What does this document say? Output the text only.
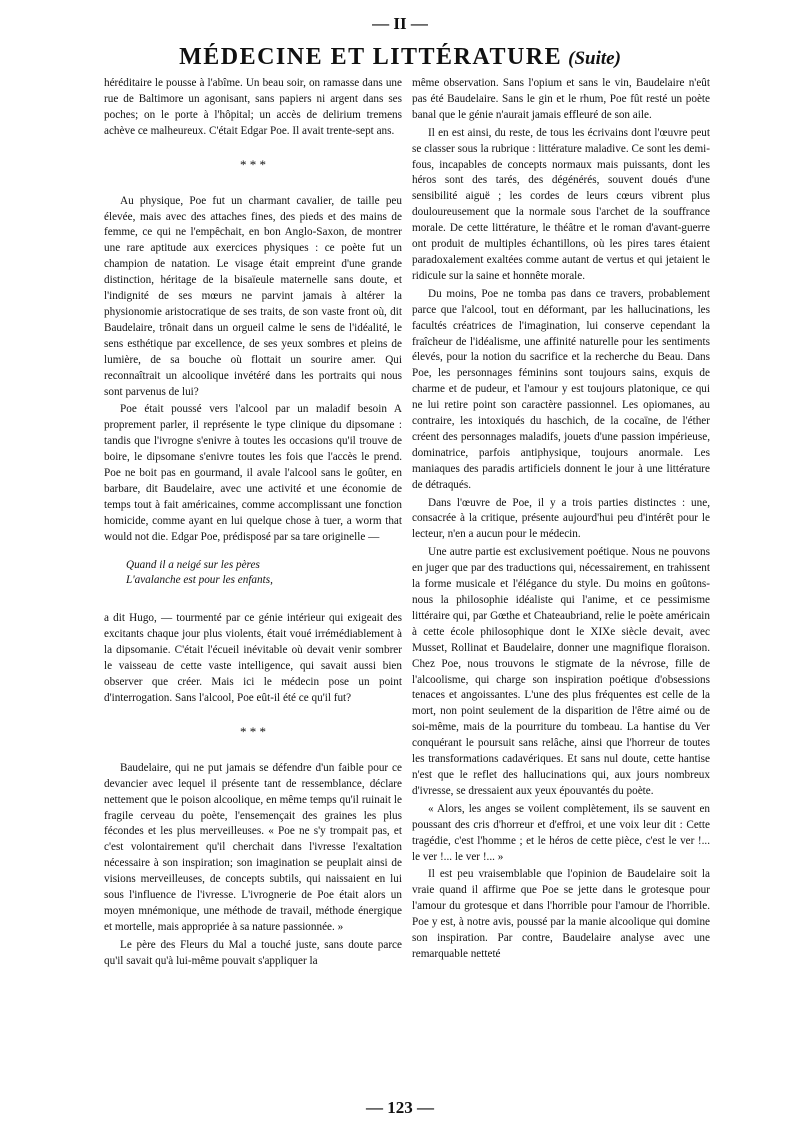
— II —
MÉDECINE ET LITTÉRATURE (Suite)

héréditaire le pousse à l'abîme. Un beau soir, on ramasse dans une rue de Baltimore un agonisant, sans papiers ni argent dans ses poches; on le porte à l'hôpital; un accès de delirium tremens achève ce malheureux. C'était Edgar Poe. Il avait trente-sept ans.

* * *

Au physique, Poe fut un charmant cavalier, de taille peu élevée, mais avec des attaches fines, des pieds et des mains de femme, ce qui ne l'empêchait, en bon Anglo-Saxon, de montrer une rare aptitude aux exercices physiques : ce poète fut un champion de natation. Le visage était empreint d'une grande distinction, héritage de la bisaïeule maternelle sans doute, et l'indignité de ses mœurs ne parvint jamais à altérer la physionomie aristocratique de ses traits, de son vaste front où, dit Baudelaire, trônait dans un orgueil calme le sens de l'idéalité, le sens esthétique par excellence, de ses yeux sombres et pleins de lumière, de sa bouche où flottait un sourire amer. Qui reconnaîtrait un alcoolique invétéré dans les portraits qui nous sont parvenus de lui?

Poe était poussé vers l'alcool par un maladif besoin A proprement parler, il représente le type clinique du dipsomane : tandis que l'ivrogne s'enivre à toutes les occasions qu'il trouve de boire, le dipsomane s'enivre toutes les fois que l'accès le prend. Poe ne boit pas en gourmand, il avale l'alcool sans le goûter, en barbare, dit Baudelaire, avec une activité et une économie de temps tout à fait américaines, comme accomplissant une fonction homicide, comme ayant en lui quelque chose à tuer, a worm that would not die. Edgar Poe, prédisposé par sa tare originelle —

Quand il a neigé sur les pères
L'avalanche est pour les enfants,

a dit Hugo, — tourmenté par ce génie intérieur qui exigeait des excitants chaque jour plus violents, était voué irrémédiablement à la dipsomanie. C'était l'écueil inévitable où devait venir sombrer le vaisseau de cette vaste intelligence, qui savait aussi bien observer que créer. Mais ici le médecin pose un point d'interrogation. Sans l'alcool, Poe eût-il été ce qu'il fut?

* * *

Baudelaire, qui ne put jamais se défendre d'un faible pour ce devancier avec lequel il présente tant de ressemblance, déclare nettement que le poison alcoolique, en même temps qu'il ruinait le fragile cerveau du poète, l'ensemençait des graines les plus fécondes et les plus merveilleuses. « Poe ne s'y trompait pas, et c'est volontairement qu'il cherchait dans l'ivresse l'exaltation nécessaire à son inspiration; son imagination se peuplait ainsi de visions merveilleuses, de concepts subtils, qui naissaient en lui sous l'influence de l'ivresse. L'ivrognerie de Poe était alors un moyen mnémonique, une méthode de travail, méthode énergique et mortelle, mais appropriée à sa nature passionnée. »

Le père des Fleurs du Mal a touché juste, sans doute parce qu'il savait qu'à lui-même pouvait s'appliquer la

même observation. Sans l'opium et sans le vin, Baudelaire n'eût pas été Baudelaire. Sans le gin et le rhum, Poe fût resté un poète banal que le génie n'aurait jamais effleuré de son aile.

Il en est ainsi, du reste, de tous les écrivains dont l'œuvre peut se classer sous la rubrique : littérature maladive. Ce sont les demi-fous, incapables de concepts normaux mais puissants, dont les héros sont des tarés, des dégénérés, souvent doués d'une sensibilité aiguë ; les cordes de leurs cœurs vibrent plus douloureusement que la normale sous l'archet de la souffrance morale. De cette littérature, le théâtre et le roman d'avant-guerre ont produit de multiples échantillons, où les pires tares étaient paradoxalement exaltées comme autant de vertus et qui jetaient le ridicule sur la saine et honnête morale.

Du moins, Poe ne tomba pas dans ce travers, probablement parce que l'alcool, tout en déformant, par les hallucinations, les facultés créatrices de l'imagination, lui conserve cependant la fraîcheur de l'idéalisme, une affinité naturelle pour les sentiments élevés, pour la notion du sacrifice et la recherche du Beau. Dans Poe, les personnages féminins sont toujours sains, exquis de charme et de pudeur, et l'amour y est toujours platonique, ce qui ne lui retire point son caractère passionnel. Les opiomanes, au contraire, les intoxiqués du haschich, de la cocaïne, de l'éther créent des personnages maladifs, jouets d'une passion impérieuse, dominatrice, parfois antiphysique, toujours anormale. Les maniaques des paradis artificiels donnent le jour à une littérature de détraqués.

Dans l'œuvre de Poe, il y a trois parties distinctes : une, consacrée à la critique, présente aujourd'hui peu d'intérêt pour le lecteur, n'en a aucun pour le médecin.

Une autre partie est exclusivement poétique. Nous ne pouvons en juger que par des traductions qui, nécessairement, en trahissent la forme musicale et l'élégance du style. Du moins en goûtons-nous la philosophie idéaliste qui l'anime, et ce pessimisme littéraire qui, par Gœthe et Chateaubriand, relie le poète américain à cette école philosophique dont le XIXe siècle devait, avec Musset, Rollinat et Baudelaire, donner une magnifique floraison. Chez Poe, nous trouvons le stigmate de la névrose, fille de l'alcoolisme, qui charge son inspiration poétique d'obsessions tenaces et angoissantes. L'une des plus fréquentes est celle de la mort, non point seulement de la disparition de l'être aimé ou de soi-même, mais de la pourriture du tombeau. La hantise du Ver conquérant le poursuit sans relâche, ainsi que l'horreur de toutes les transformations cadavériques. Et sans nul doute, cette hantise n'est que le reflet des hallucinations qui, aux jours nombreux d'ivresse, se dressaient aux yeux épouvantés du poète.

« Alors, les anges se voilent complètement, ils se sauvent en poussant des cris d'horreur et d'effroi, et une voix leur dit : Cette tragédie, c'est l'homme ; et le héros de cette pièce, c'est le ver !... le ver !... le ver !... »

Il est peu vraisemblable que l'opinion de Baudelaire soit la vraie quand il affirme que Poe se jette dans le grotesque pour l'amour du grotesque et dans l'horrible pour l'amour de l'horrible. Poe y est, à notre avis, poussé par la manie alcoolique qui domine son inspiration. Par contre, Baudelaire analyse avec une remarquable netteté

— 123 —
